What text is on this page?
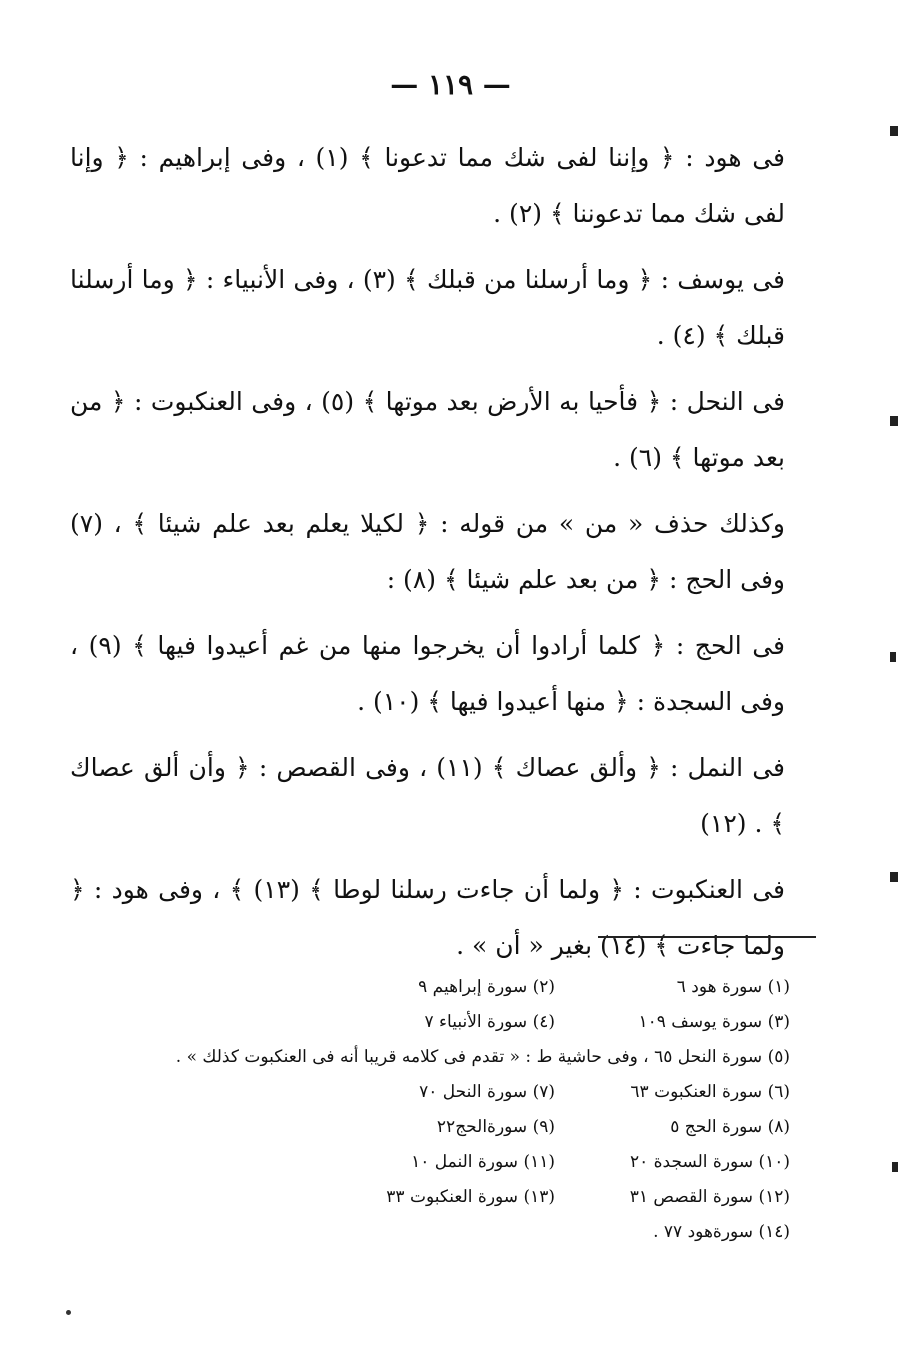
— ١١٩ —

فى هود : ﴿ وإننا لفى شك مما تدعونا ﴾ (١) ، وفى إبراهيم : ﴿ وإنا لفى شك مما تدعوننا ﴾ (٢) .

فى يوسف : ﴿ وما أرسلنا من قبلك ﴾ (٣) ، وفى الأنبياء : ﴿ وما أرسلنا قبلك ﴾ (٤) .

فى النحل : ﴿ فأحيا به الأرض بعد موتها ﴾ (٥) ، وفى العنكبوت : ﴿ من بعد موتها ﴾ (٦) .

وكذلك حذف « من » من قوله : ﴿ لكيلا يعلم بعد علم شيئا ﴾ ، (٧) وفى الحج : ﴿ من بعد علم شيئا ﴾ (٨) :

فى الحج : ﴿ كلما أرادوا أن يخرجوا منها من غم أعيدوا فيها ﴾ (٩) ، وفى السجدة : ﴿ منها أعيدوا فيها ﴾ (١٠) .

فى النمل : ﴿ وألق عصاك ﴾ (١١) ، وفى القصص : ﴿ وأن ألق عصاك ﴾ . (١٢)

فى العنكبوت : ﴿ ولما أن جاءت رسلنا لوطا ﴾ (١٣) ﴾ ، وفى هود : ﴿ ولما جاءت ﴾ (١٤) بغير « أن » .

(١) سورة هود ٦
(٢) سورة إبراهيم ٩
(٣) سورة يوسف ١٠٩
(٤) سورة الأنبياء ٧
(٥) سورة النحل ٦٥ ، وفى حاشية ط : « تقدم فى كلامه قريبا أنه فى العنكبوت كذلك » .
(٦) سورة العنكبوت ٦٣
(٧) سورة النحل ٧٠
(٨) سورة الحج ٥
(٩) سورةالحج٢٢
(١٠) سورة السجدة ٢٠
(١١) سورة النمل ١٠
(١٢) سورة القصص ٣١
(١٣) سورة العنكبوت ٣٣
(١٤) سورةهود ٧٧ .
